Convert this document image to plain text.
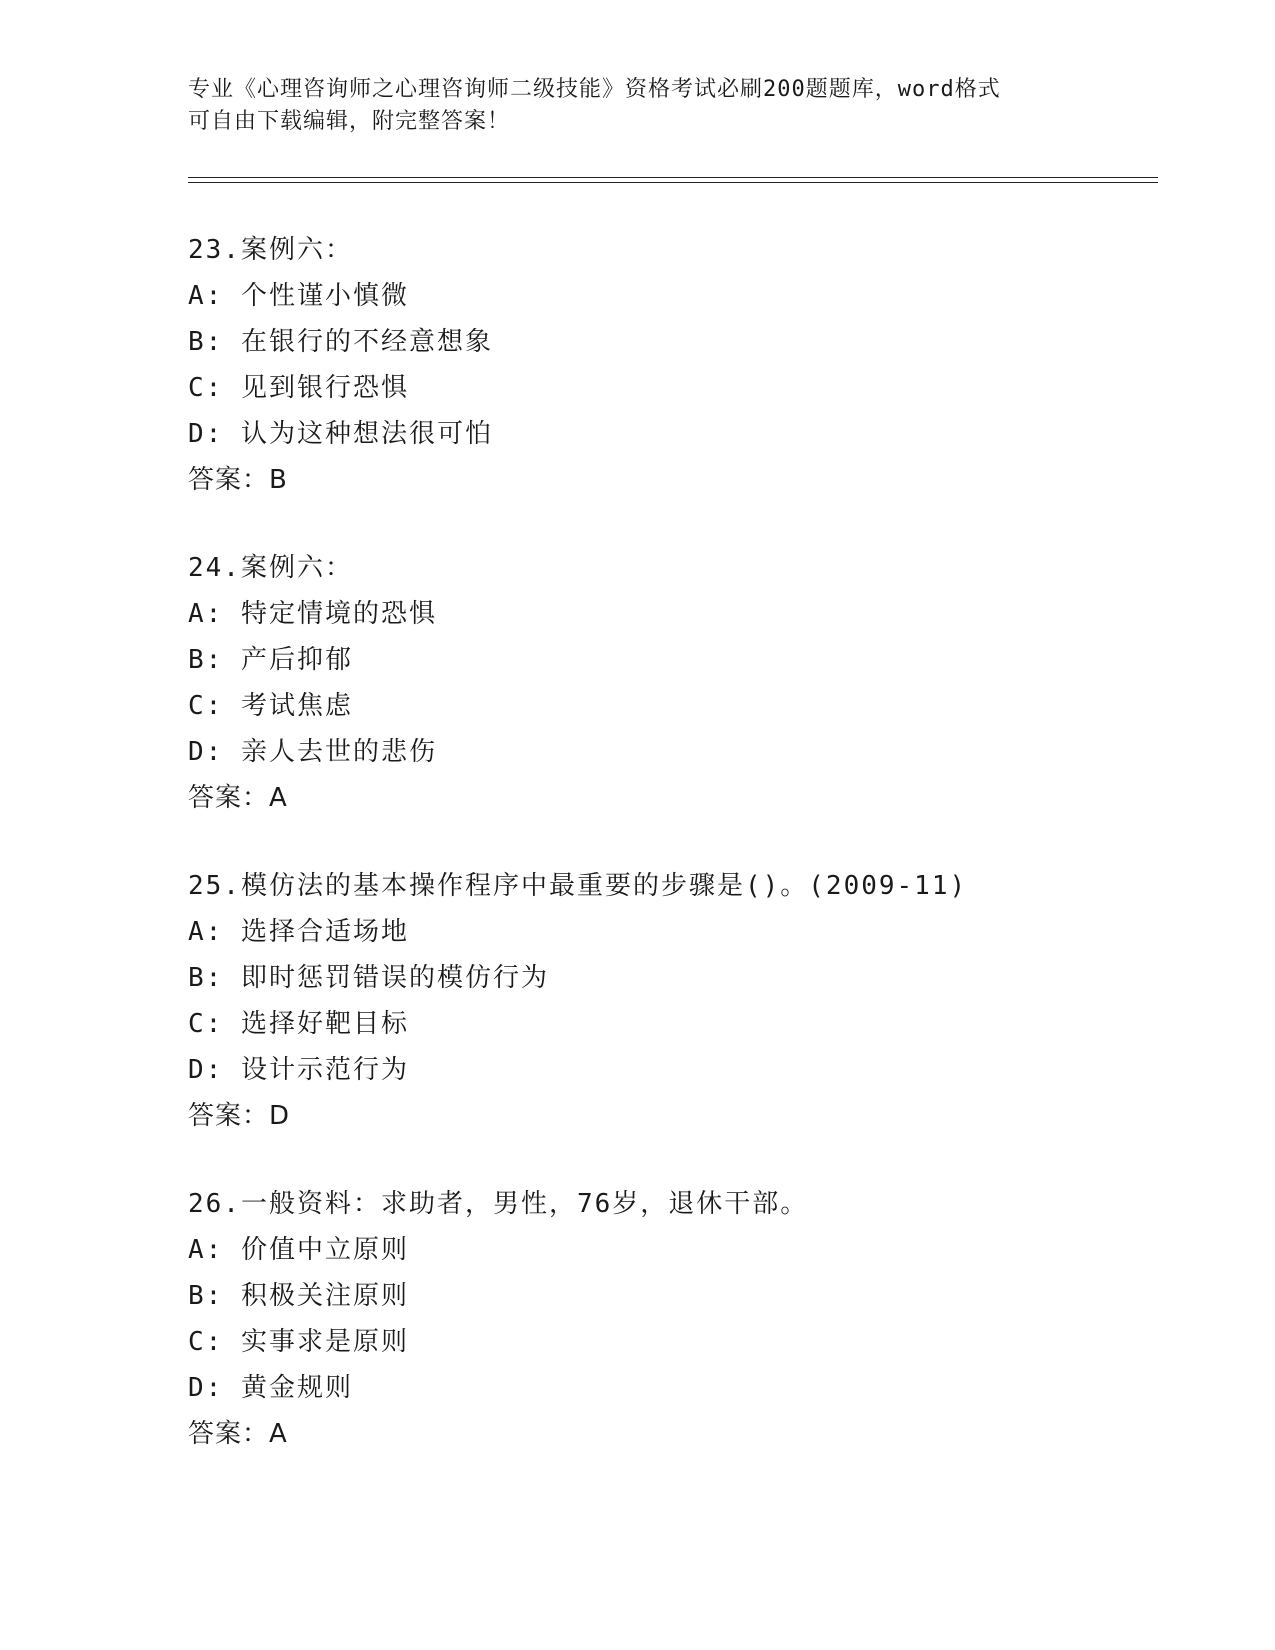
专业《心理咨询师之心理咨询师二级技能》资格考试必刷200题题库，word格式
可自由下载编辑，附完整答案！
23.案例六：
A: 个性谨小慎微
B: 在银行的不经意想象
C: 见到银行恐惧
D: 认为这种想法很可怕
答案：B
24.案例六：
A: 特定情境的恐惧
B: 产后抑郁
C: 考试焦虑
D: 亲人去世的悲伤
答案：A
25.模仿法的基本操作程序中最重要的步骤是()。(2009-11)
A: 选择合适场地
B: 即时惩罚错误的模仿行为
C: 选择好靶目标
D: 设计示范行为
答案：D
26.一般资料：求助者，男性，76岁，退休干部。
A: 价值中立原则
B: 积极关注原则
C: 实事求是原则
D: 黄金规则
答案：A
